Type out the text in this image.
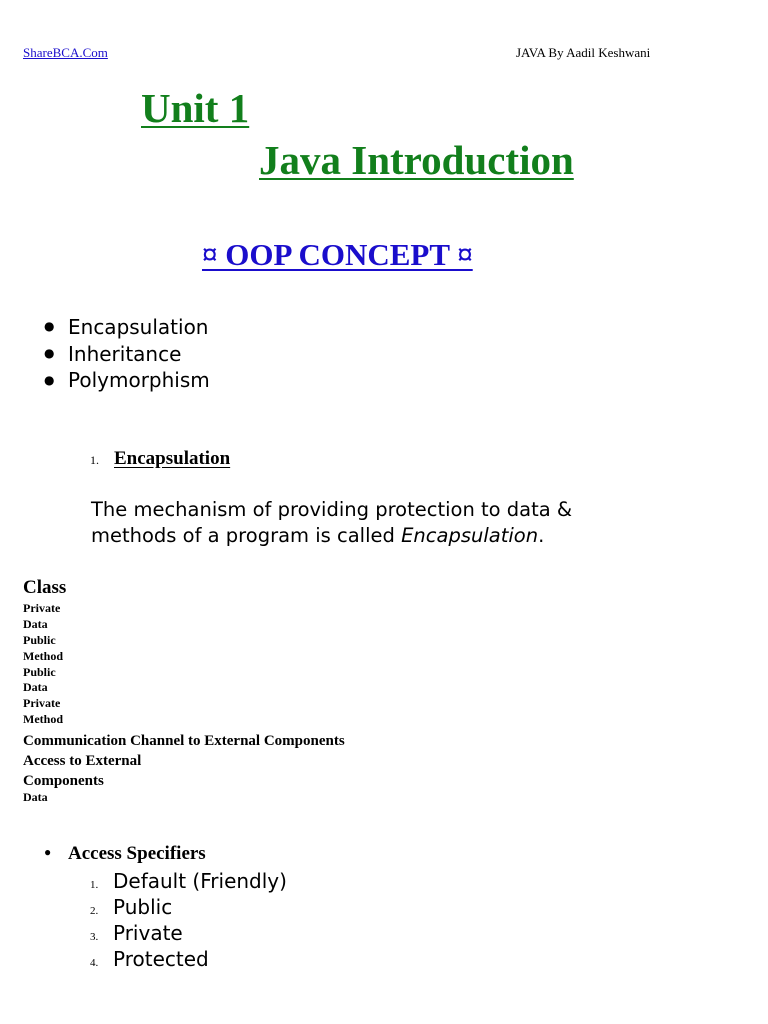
ShareBCA.Com	JAVA By Aadil Keshwani
Unit 1
Java Introduction
¤ OOP CONCEPT ¤
● Encapsulation
● Inheritance
● Polymorphism
1. Encapsulation
The mechanism of providing protection to data &
methods of a program is called Encapsulation.
Class
Private
Data
Public
Method
Public
Data
Private
Method
Communication Channel to External Components
Access to External
Components
Data
● Access Specifiers
1. Default (Friendly)
2. Public
3. Private
4. Protected
